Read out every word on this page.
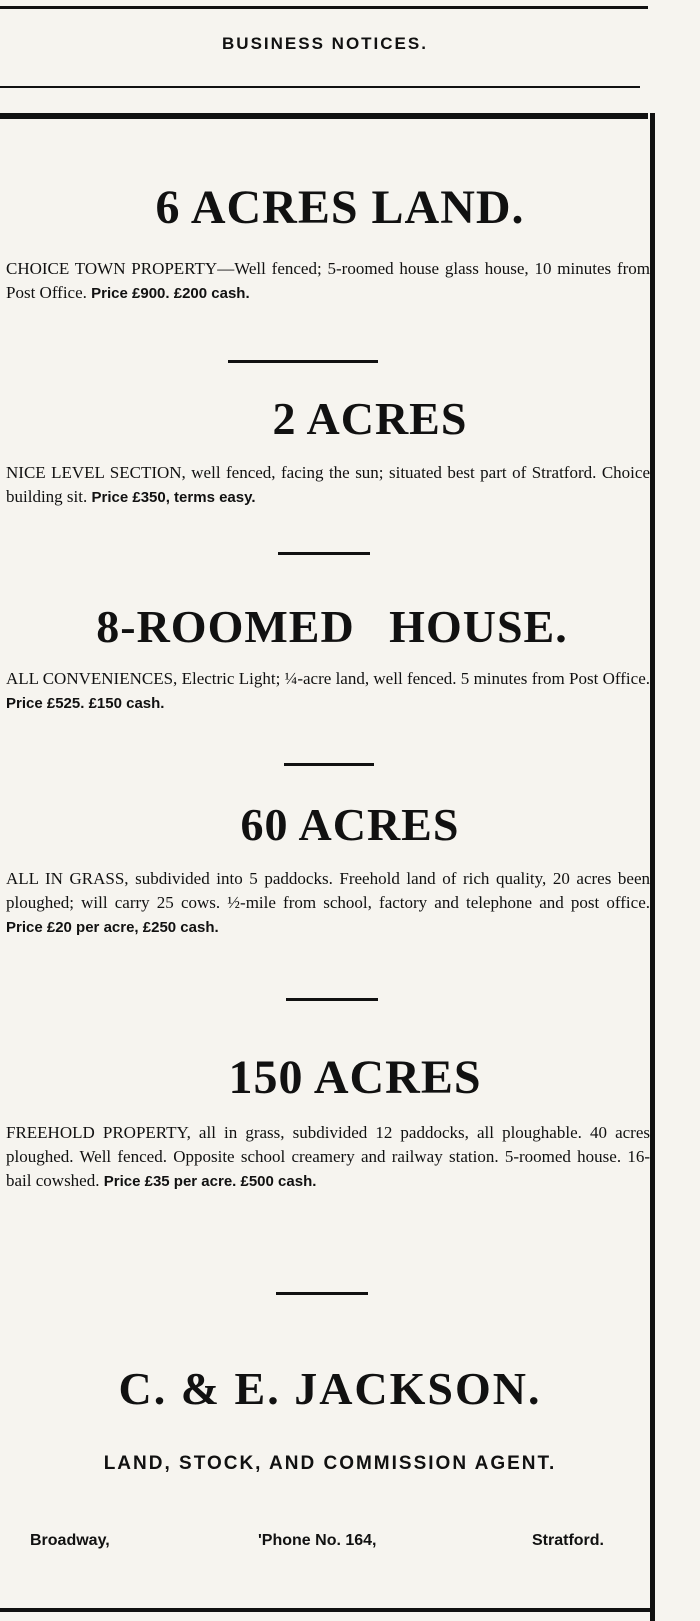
BUSINESS NOTICES.
6 ACRES LAND.
CHOICE TOWN PROPERTY—Well fenced; 5-roomed house glass house, 10 minutes from Post Office. Price £900. £200 cash.
2 ACRES
NICE LEVEL SECTION, well fenced, facing the sun; situated best part of Stratford. Choice building sit. Price £350, terms easy.
8-ROOMED HOUSE.
ALL CONVENIENCES, Electric Light; ¼-acre land, well fenced. 5 minutes from Post Office. Price £525. £150 cash.
60 ACRES
ALL IN GRASS, subdivided into 5 paddocks. Freehold land of rich quality, 20 acres been ploughed; will carry 25 cows. ½-mile from school, factory and telephone and post office. Price £20 per acre, £250 cash.
150 ACRES
FREEHOLD PROPERTY, all in grass, subdivided 12 paddocks, all ploughable. 40 acres ploughed. Well fenced. Opposite school creamery and railway station. 5-roomed house. 16-bail cowshed. Price £35 per acre. £500 cash.
C. & E. JACKSON.
LAND, STOCK, AND COMMISSION AGENT.
Broadway,	'Phone No. 164,	Stratford.
